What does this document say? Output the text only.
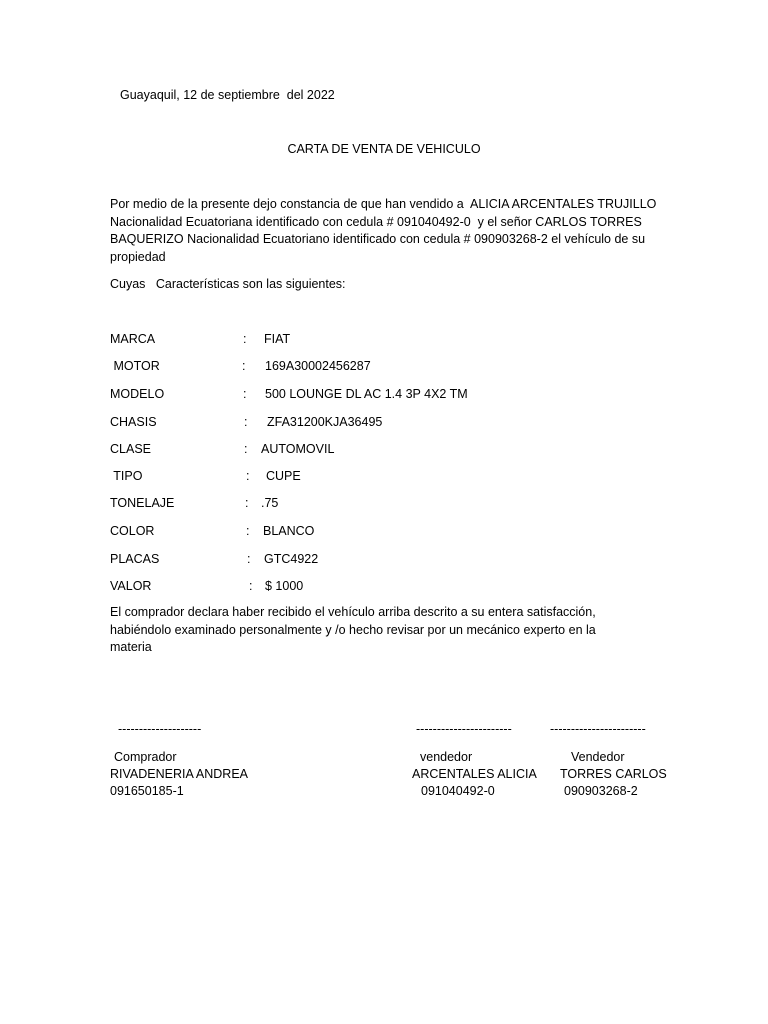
Guayaquil, 12 de septiembre  del 2022
CARTA DE VENTA DE VEHICULO
Por medio de la presente dejo constancia de que han vendido a  ALICIA ARCENTALES TRUJILLO
Nacionalidad Ecuatoriana identificado con cedula # 091040492-0  y el señor CARLOS TORRES
BAQUERIZO Nacionalidad Ecuatoriano identificado con cedula # 090903268-2 el vehículo de su
propiedad
Cuyas   Características son las siguientes:
MARCA	: FIAT
MOTOR	: 169A30002456287
MODELO	: 500 LOUNGE DL AC 1.4 3P 4X2 TM
CHASIS	: ZFA31200KJA36495
CLASE	: AUTOMOVIL
TIPO	: CUPE
TONELAJE	: .75
COLOR	: BLANCO
PLACAS	: GTC4922
VALOR	: $ 1000
El comprador declara haber recibido el vehículo arriba descrito a su entera satisfacción,
habiéndolo examinado personalmente y /o hecho revisar por un mecánico experto en la
materia
--------------------
Comprador
RIVADENERIA ANDREA
091650185-1
-----------------------
vendedor
ARCENTALES ALICIA
091040492-0
-----------------------
Vendedor
TORRES CARLOS
090903268-2
